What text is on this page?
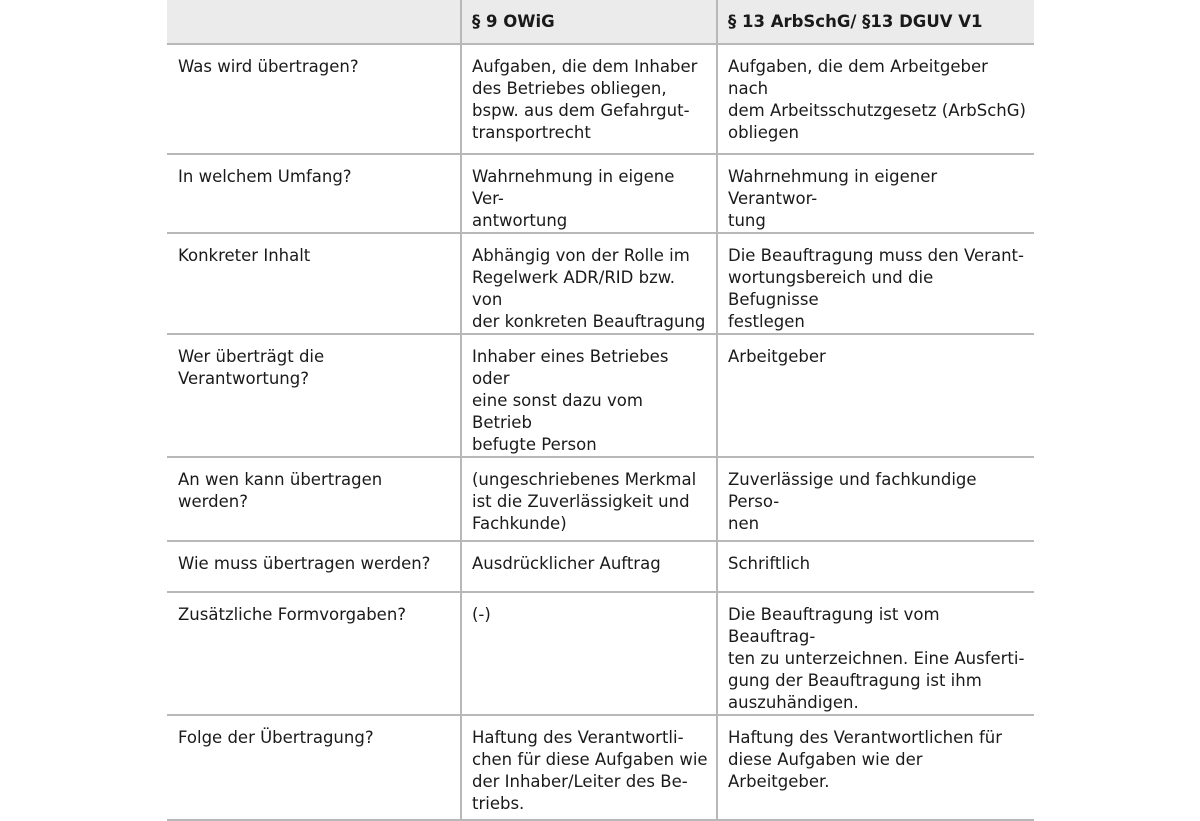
	§ 9 OWiG	§ 13 ArbSchG/ §13 DGUV V1
Was wird übertragen?	Aufgaben, die dem Inhaber
des Betriebes obliegen,
bspw. aus dem Gefahrgut-
transportrecht	Aufgaben, die dem Arbeitgeber nach
dem Arbeitsschutzgesetz (ArbSchG)
obliegen
In welchem Umfang?	Wahrnehmung in eigene Ver-
antwortung	Wahrnehmung in eigener Verantwor-
tung
Konkreter Inhalt	Abhängig von der Rolle im
Regelwerk ADR/RID bzw. von
der konkreten Beauftragung	Die Beauftragung muss den Verant-
wortungsbereich und die Befugnisse
festlegen
Wer überträgt die Verantwortung?	Inhaber eines Betriebes oder
eine sonst dazu vom Betrieb
befugte Person	Arbeitgeber
An wen kann übertragen werden?	(ungeschriebenes Merkmal
ist die Zuverlässigkeit und
Fachkunde)	Zuverlässige und fachkundige Perso-
nen
Wie muss übertragen werden?	Ausdrücklicher Auftrag	Schriftlich
Zusätzliche Formvorgaben?	(-)	Die Beauftragung ist vom Beauftrag-
ten zu unterzeichnen. Eine Ausferti-
gung der Beauftragung ist ihm
auszuhändigen.
Folge der Übertragung?	Haftung des Verantwortli-
chen für diese Aufgaben wie
der Inhaber/Leiter des Be-
triebs.	Haftung des Verantwortlichen für
diese Aufgaben wie der Arbeitgeber.
